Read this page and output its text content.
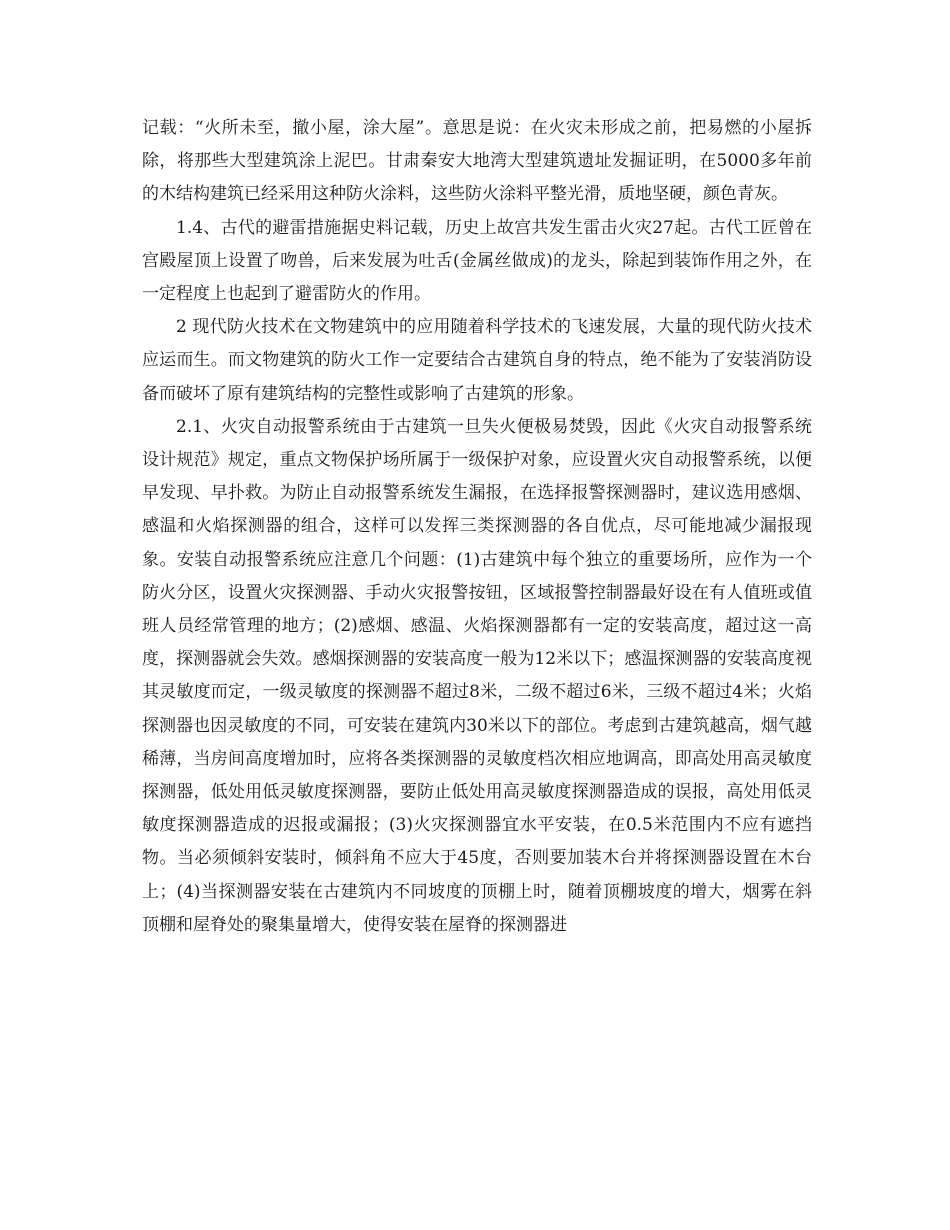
记载：“火所未至，撤小屋，涂大屋”。意思是说：在火灾未形成之前，把易燃的小屋拆除，将那些大型建筑涂上泥巴。甘肃秦安大地湾大型建筑遗址发掘证明，在5000多年前的木结构建筑已经采用这种防火涂料，这些防火涂料平整光滑，质地坚硬，颜色青灰。

1.4、古代的避雷措施据史料记载，历史上故宫共发生雷击火灾27起。古代工匠曾在宫殿屋顶上设置了吻兽，后来发展为吐舌(金属丝做成)的龙头，除起到装饰作用之外，在一定程度上也起到了避雷防火的作用。

2 现代防火技术在文物建筑中的应用随着科学技术的飞速发展，大量的现代防火技术应运而生。而文物建筑的防火工作一定要结合古建筑自身的特点，绝不能为了安装消防设备而破坏了原有建筑结构的完整性或影响了古建筑的形象。

2.1、火灾自动报警系统由于古建筑一旦失火便极易焚毁，因此《火灾自动报警系统设计规范》规定，重点文物保护场所属于一级保护对象，应设置火灾自动报警系统，以便早发现、早扑救。为防止自动报警系统发生漏报，在选择报警探测器时，建议选用感烟、感温和火焰探测器的组合，这样可以发挥三类探测器的各自优点，尽可能地减少漏报现象。安装自动报警系统应注意几个问题：(1)古建筑中每个独立的重要场所，应作为一个防火分区，设置火灾探测器、手动火灾报警按钮，区域报警控制器最好设在有人值班或值班人员经常管理的地方；(2)感烟、感温、火焰探测器都有一定的安装高度，超过这一高度，探测器就会失效。感烟探测器的安装高度一般为12米以下；感温探测器的安装高度视其灵敏度而定，一级灵敏度的探测器不超过8米，二级不超过6米，三级不超过4米；火焰探测器也因灵敏度的不同，可安装在建筑内30米以下的部位。考虑到古建筑越高，烟气越稀薄，当房间高度增加时，应将各类探测器的灵敏度档次相应地调高，即高处用高灵敏度探测器，低处用低灵敏度探测器，要防止低处用高灵敏度探测器造成的误报，高处用低灵敏度探测器造成的迟报或漏报；(3)火灾探测器宜水平安装，在0.5米范围内不应有遮挡物。当必须倾斜安装时，倾斜角不应大于45度，否则要加装木台并将探测器设置在木台上；(4)当探测器安装在古建筑内不同坡度的顶棚上时，随着顶棚坡度的增大，烟雾在斜顶棚和屋脊处的聚集量增大，使得安装在屋脊的探测器进
